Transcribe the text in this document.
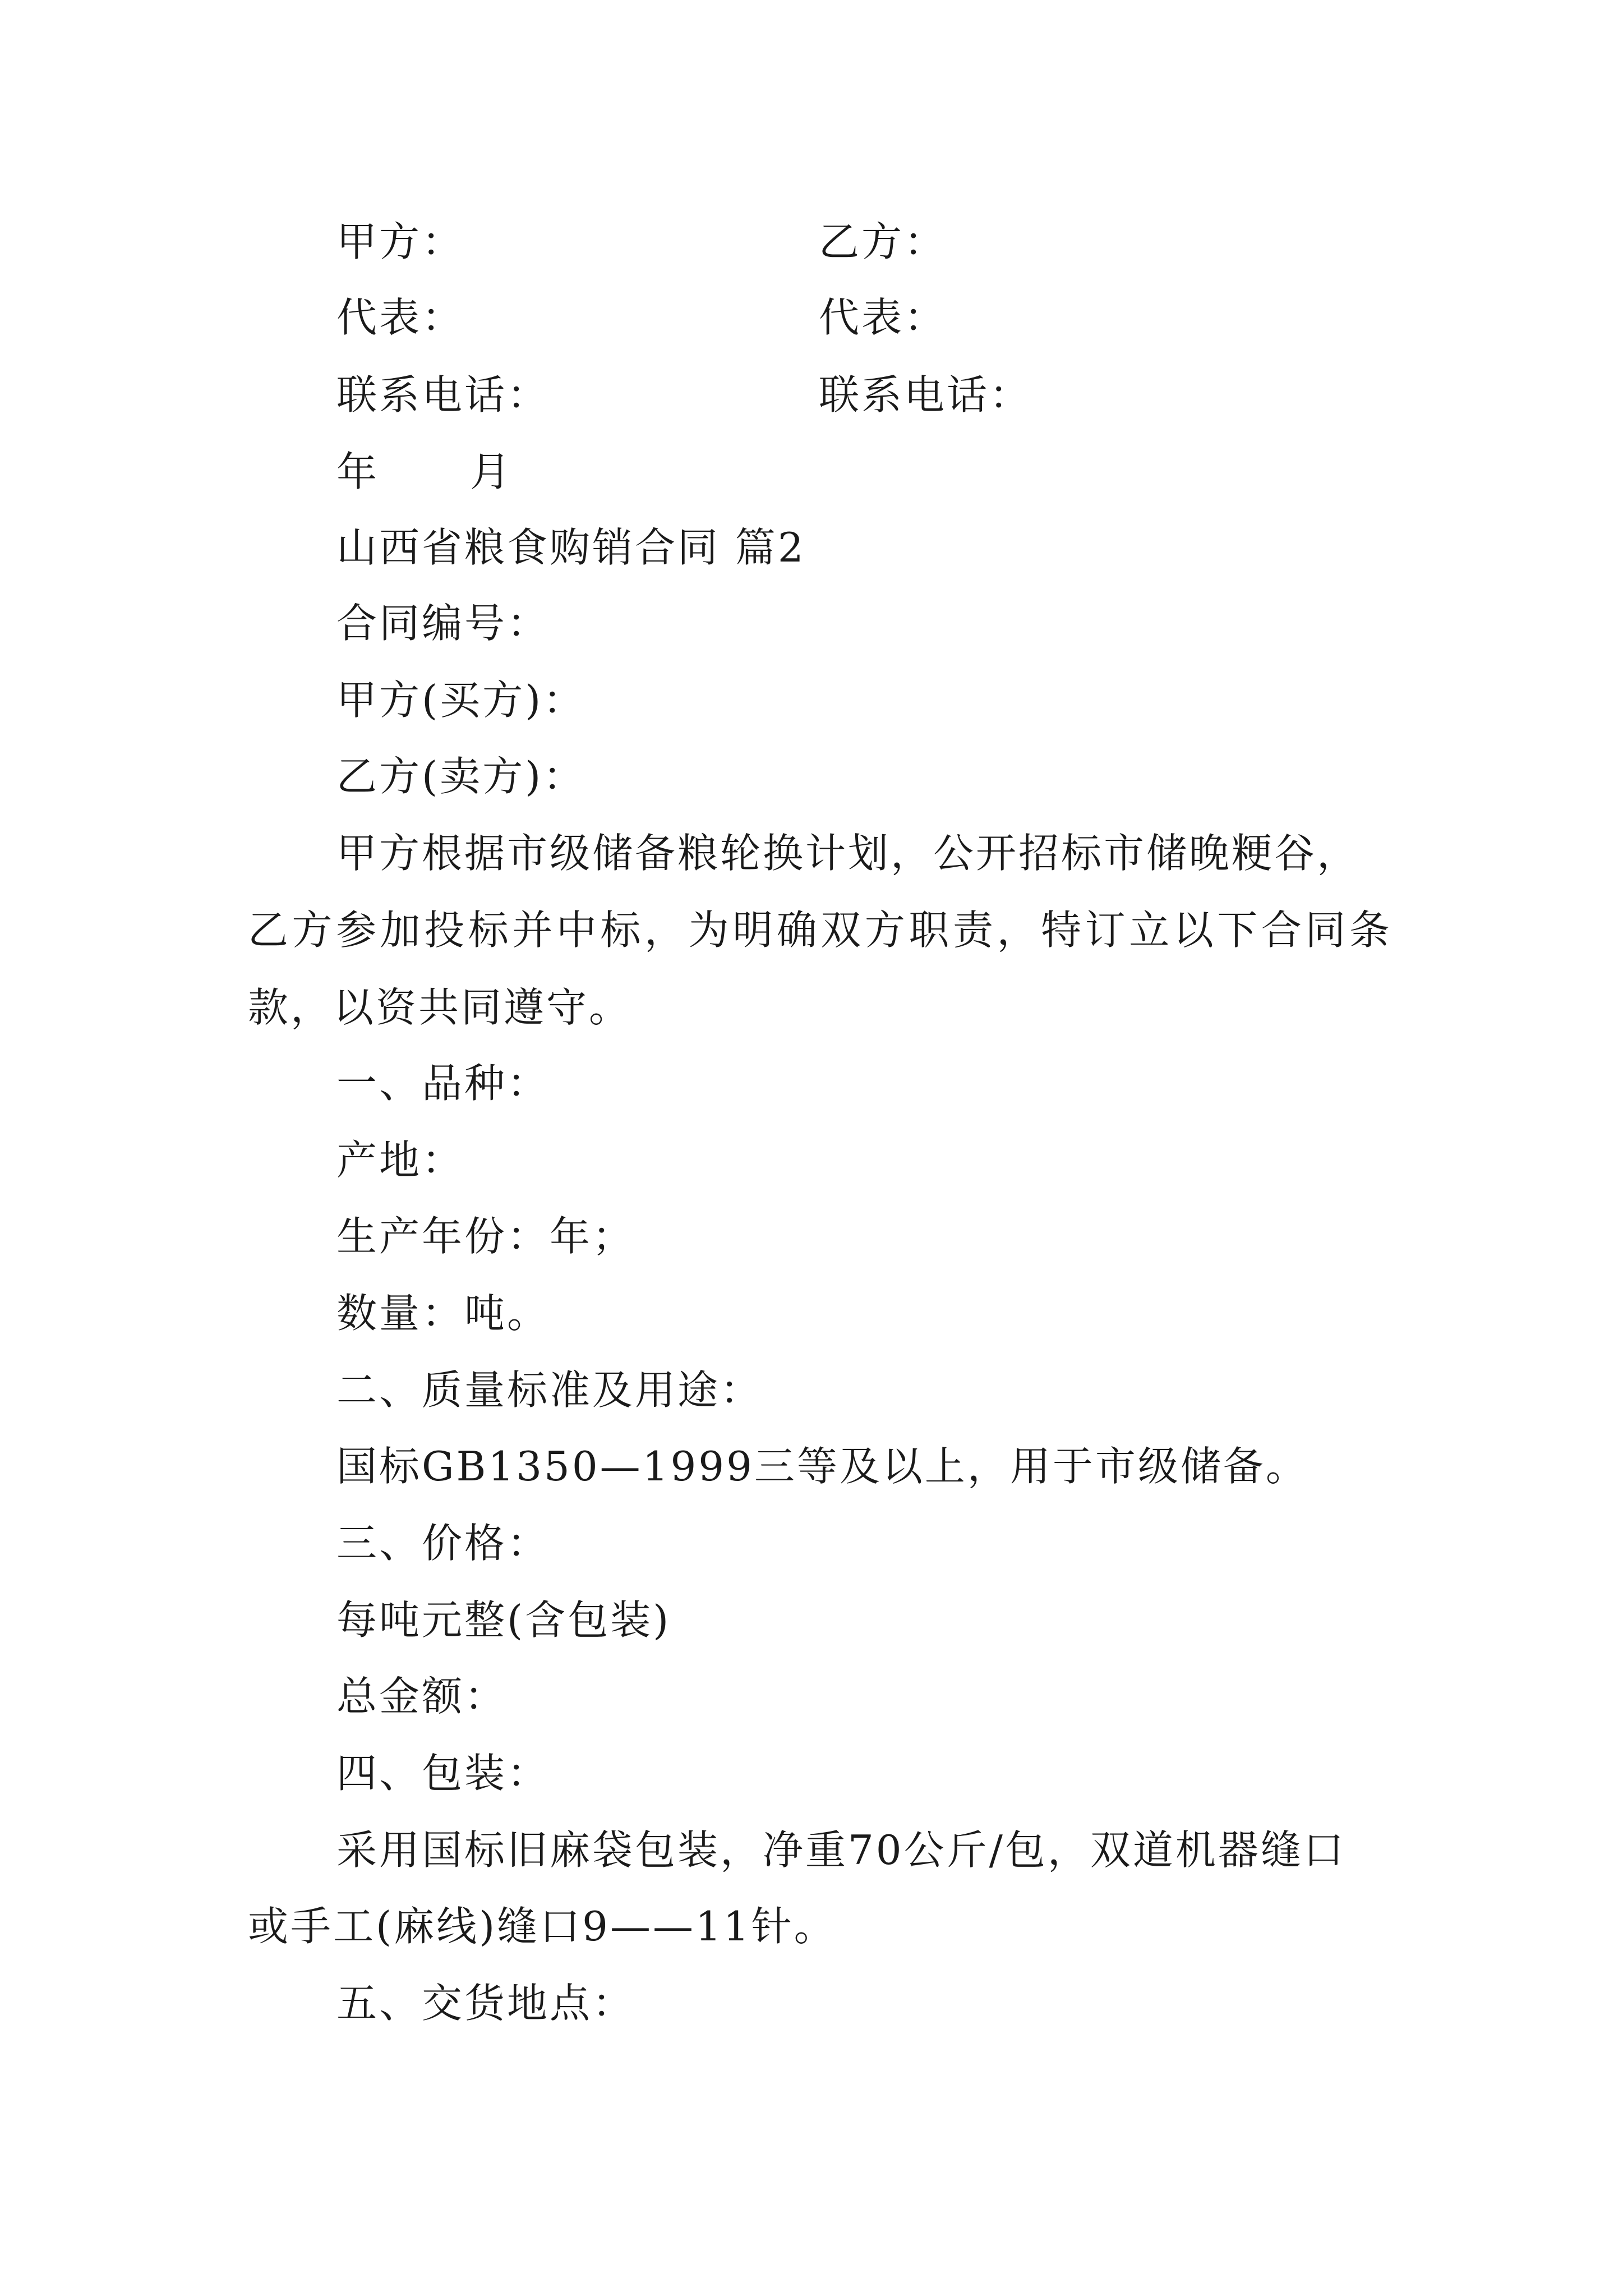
甲方：	乙方：
代表：	代表：
联系电话：	联系电话：
年 月
山西省粮食购销合同 篇2
合同编号：
甲方(买方)：
乙方(卖方)：
甲方根据市级储备粮轮换计划，公开招标市储晚粳谷，
乙方参加投标并中标，为明确双方职责，特订立以下合同条
款，以资共同遵守。
一、品种：
产地：
生产年份：年；
数量：吨。
二、质量标准及用途：
国标GB1350—1999三等及以上，用于市级储备。
三、价格：
每吨元整(含包装)
总金额：
四、包装：
采用国标旧麻袋包装，净重70公斤/包，双道机器缝口
或手工(麻线)缝口9——11针。
五、交货地点：
